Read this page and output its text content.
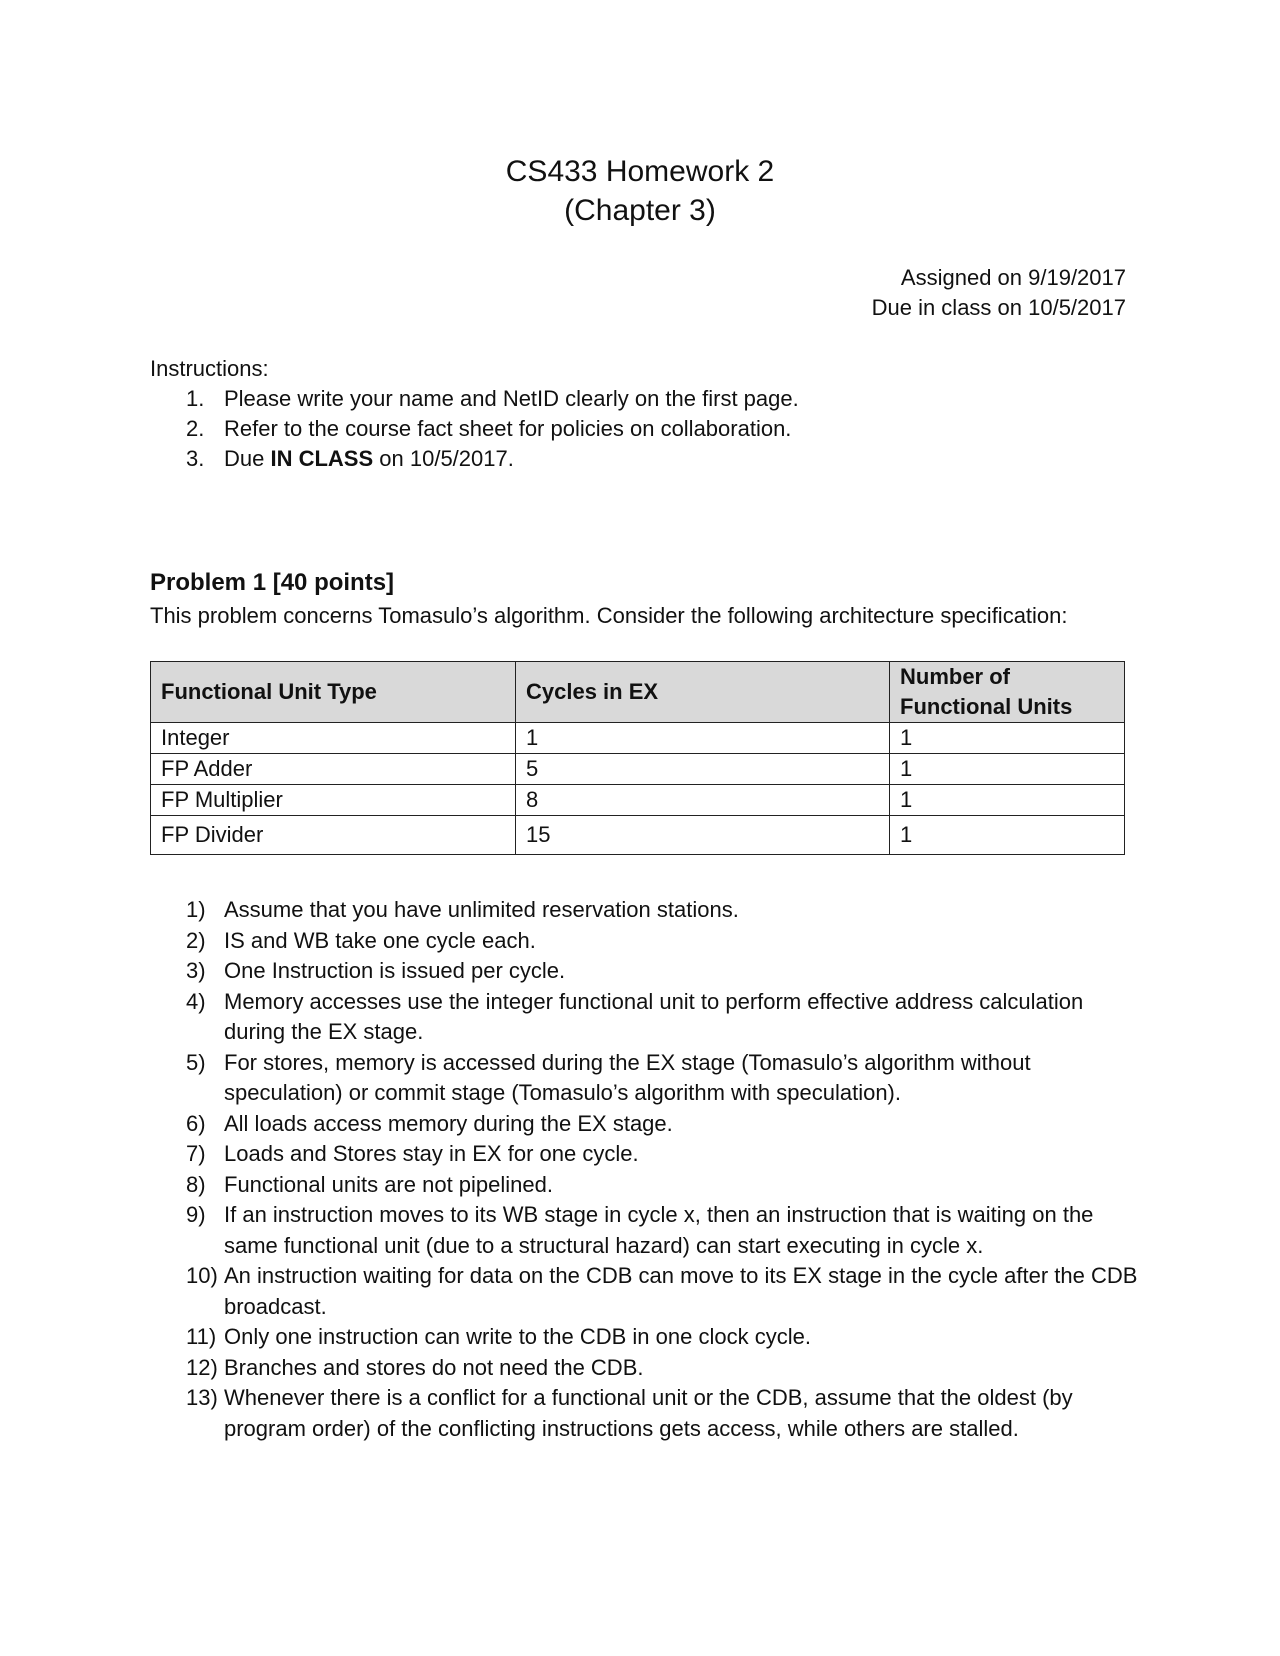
CS433 Homework 2
(Chapter 3)
Assigned on 9/19/2017
Due in class on 10/5/2017
Instructions:
1. Please write your name and NetID clearly on the first page.
2. Refer to the course fact sheet for policies on collaboration.
3. Due IN CLASS on 10/5/2017.
Problem 1 [40 points]
This problem concerns Tomasulo’s algorithm. Consider the following architecture specification:
Functional Unit Type	Cycles in EX	Number of Functional Units
Integer	1	1
FP Adder	5	1
FP Multiplier	8	1
FP Divider	15	1
1) Assume that you have unlimited reservation stations.
2) IS and WB take one cycle each.
3) One Instruction is issued per cycle.
4) Memory accesses use the integer functional unit to perform effective address calculation during the EX stage.
5) For stores, memory is accessed during the EX stage (Tomasulo’s algorithm without speculation) or commit stage (Tomasulo’s algorithm with speculation).
6) All loads access memory during the EX stage.
7) Loads and Stores stay in EX for one cycle.
8) Functional units are not pipelined.
9) If an instruction moves to its WB stage in cycle x, then an instruction that is waiting on the same functional unit (due to a structural hazard) can start executing in cycle x.
10) An instruction waiting for data on the CDB can move to its EX stage in the cycle after the CDB broadcast.
11) Only one instruction can write to the CDB in one clock cycle.
12) Branches and stores do not need the CDB.
13) Whenever there is a conflict for a functional unit or the CDB, assume that the oldest (by program order) of the conflicting instructions gets access, while others are stalled.
